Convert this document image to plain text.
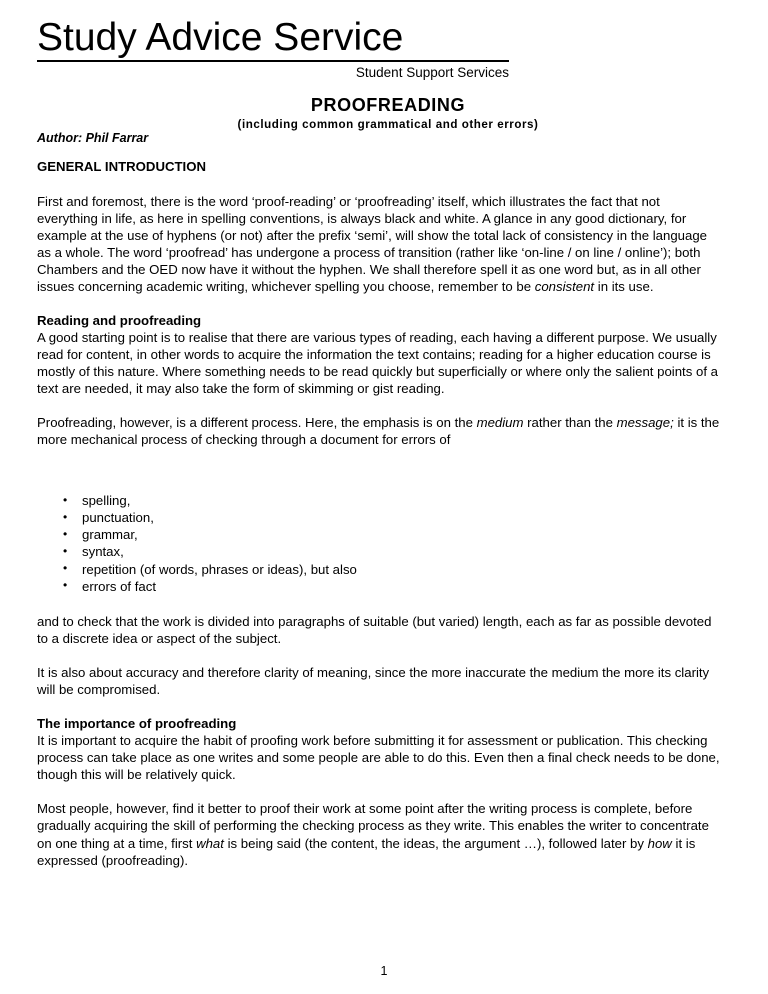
Study Advice Service
Student Support Services
PROOFREADING
(including common grammatical and other errors)
Author: Phil Farrar
GENERAL INTRODUCTION

First and foremost, there is the word ‘proof-reading’ or ‘proofreading’ itself, which illustrates the fact that not everything in life, as here in spelling conventions, is always black and white. A glance in any good dictionary, for example at the use of hyphens (or not) after the prefix ‘semi’, will show the total lack of consistency in the language as a whole. The word ‘proofread’ has undergone a process of transition (rather like ‘on-line / on line / online’); both Chambers and the OED now have it without the hyphen. We shall therefore spell it as one word but, as in all other issues concerning academic writing, whichever spelling you choose, remember to be consistent in its use.

Reading and proofreading

A good starting point is to realise that there are various types of reading, each having a different purpose. We usually read for content, in other words to acquire the information the text contains; reading for a higher education course is mostly of this nature. Where something needs to be read quickly but superficially or where only the salient points of a text are needed, it may also take the form of skimming or gist reading.

Proofreading, however, is a different process. Here, the emphasis is on the medium rather than the message; it is the more mechanical process of checking through a document for errors of

• spelling,
• punctuation,
• grammar,
• syntax,
• repetition (of words, phrases or ideas), but also
• errors of fact

and to check that the work is divided into paragraphs of suitable (but varied) length, each as far as possible devoted to a discrete idea or aspect of the subject.

It is also about accuracy and therefore clarity of meaning, since the more inaccurate the medium the more its clarity will be compromised.

The importance of proofreading

It is important to acquire the habit of proofing work before submitting it for assessment or publication. This checking process can take place as one writes and some people are able to do this. Even then a final check needs to be done, though this will be relatively quick.

Most people, however, find it better to proof their work at some point after the writing process is complete, before gradually acquiring the skill of performing the checking process as they write. This enables the writer to concentrate on one thing at a time, first what is being said (the content, the ideas, the argument …), followed later by how it is expressed (proofreading).

1
